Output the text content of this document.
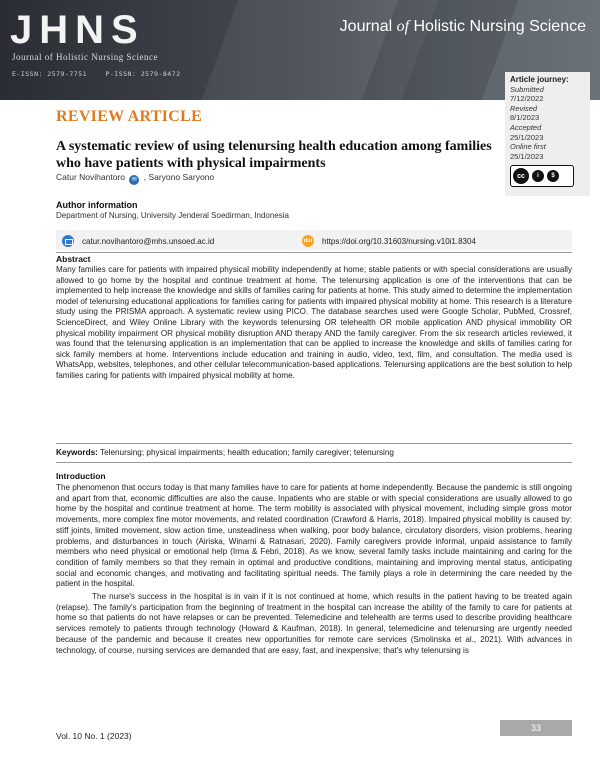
JHNS
Journal of Holistic Nursing Science
E-ISSN: 2579-7751	P-ISSN: 2579-8472
Journal of Holistic Nursing Science
Article journey:
Submitted
7/12/2022
Revised
8/1/2023
Accepted
25/1/2023
Online first
25/1/2023
cc	i	$
REVIEW ARTICLE
A systematic review of using telenursing health education among families who have patients with physical impairments
Catur Novihantoro ✉ , Saryono Saryono
Author information
Department of Nursing, University Jenderal Soedirman, Indonesia
catur.novihantoro@mhs.unsoed.ac.id	doi https://doi.org/10.31603/nursing.v10i1.8304
Abstract
Many families care for patients with impaired physical mobility independently at home; stable patients or with special considerations are usually allowed to go home by the hospital and continue treatment at home. The telenursing application is one of the interventions that can be implemented to help increase the knowledge and skills of families caring for patients at home. This study aimed to determine the implementation model of telenursing educational applications for families caring for patients with impaired physical mobility at home. This research is a literature study using the PRISMA approach. A systematic review using PICO. The database searches used were Google Scholar, PubMed, Crossref, ScienceDirect, and Wiley Online Library with the keywords telenursing OR telehealth OR mobile application AND physical immobility OR physical mobility impairment OR physical mobility disruption AND therapy AND the family caregiver. From the six research articles reviewed, it was found that the telenursing application is an implementation that can be applied to increase the knowledge and skills of families caring for sick family members at home. Interventions include education and training in audio, video, text, film, and consultation. The media used is WhatsApp, websites, telephones, and other cellular telecommunication-based applications. Telenursing applications are the best solution to help families caring for patients with impaired physical mobility at home.
Keywords: Telenursing; physical impairments; health education; family caregiver; telenursing
Introduction

The phenomenon that occurs today is that many families have to care for patients at home independently. Because the pandemic is still ongoing and apart from that, economic difficulties are also the cause. Inpatients who are stable or with special considerations are usually allowed to go home by the hospital and continue treatment at home. The term mobility is associated with physical movement, including simple gross motor movements, more complex fine motor movements, and related coordination (Crawford & Harris, 2018). Impaired physical mobility is caused by: stiff joints, limited movement, slow action time, unsteadiness when walking, poor body balance, circulatory disorders, vision problems, hearing problems, and disturbances in touch (Airiska, Winarni & Ratnasari, 2020). Family caregivers provide informal, unpaid assistance to family members who need physical or emotional help (Irma & Febri, 2018). As we know, several family tasks include maintaining and caring for the condition of family members so that they remain in optimal and productive conditions, maintaining and improving mental status, anticipating social and economic changes, and motivating and facilitating spiritual needs. The family plays a role in determining the care needed by the patient in the hospital.

The nurse's success in the hospital is in vain if it is not continued at home, which results in the patient having to be treated again (relapse). The family's participation from the beginning of treatment in the hospital can increase the ability of the family to care for patients at home so that patients do not have relapses or can be prevented. Telemedicine and telehealth are terms used to describe providing healthcare services remotely to patients through technology (Howard & Kaufman, 2018). In general, telemedicine and telenursing are urgently needed because of the pandemic and because it creates new opportunities for remote care services (Smolinska et al., 2021). With advances in technology, of course, nursing services are demanded that are easy, fast, and inexpensive; that's why telenursing is

Vol. 10 No. 1 (2023)
33
